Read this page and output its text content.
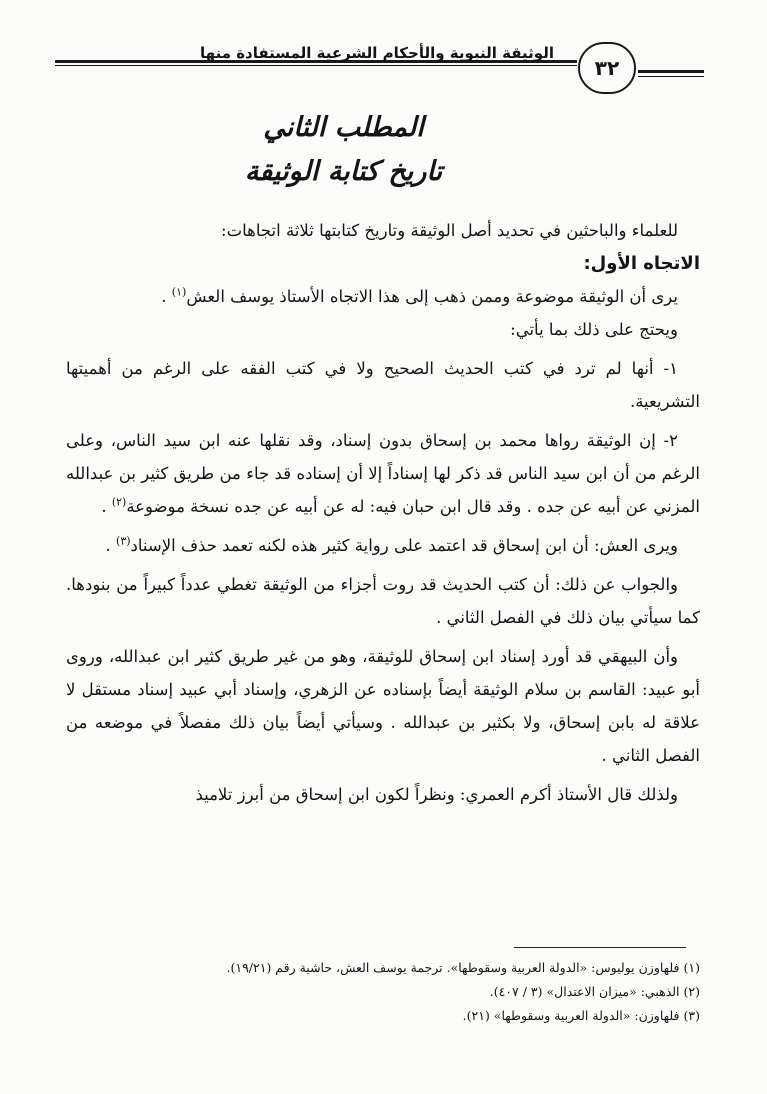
الوثيقة النبوية والأحكام الشرعية المستفادة منها
٣٢
المطلب الثاني
تاريخ كتابة الوثيقة

للعلماء والباحثين في تحديد أصل الوثيقة وتاريخ كتابتها ثلاثة اتجاهات:

الاتجاه الأول:

يرى أن الوثيقة موضوعة وممن ذهب إلى هذا الاتجاه الأستاذ يوسف العش$^{(١)}$ .

ويحتج على ذلك بما يأتي:

١- أنها لم ترد في كتب الحديث الصحيح ولا في كتب الفقه على الرغم من أهميتها التشريعية.

٢- إن الوثيقة رواها محمد بن إسحاق بدون إسناد، وقد نقلها عنه ابن سيد الناس، وعلى الرغم من أن ابن سيد الناس قد ذكر لها إسناداً إلا أن إسناده قد جاء من طريق كثير بن عبدالله المزني عن أبيه عن جده . وقد قال ابن حبان فيه: له عن أبيه عن جده نسخة موضوعة$^{(٢)}$ .

ويرى العش: أن ابن إسحاق قد اعتمد على رواية كثير هذه لكنه تعمد حذف الإسناد$^{(٣)}$ .

والجواب عن ذلك: أن كتب الحديث قد روت أجزاء من الوثيقة تغطي عدداً كبيراً من بنودها. كما سيأتي بيان ذلك في الفصل الثاني .

وأن البيهقي قد أورد إسناد ابن إسحاق للوثيقة، وهو من غير طريق كثير ابن عبدالله، وروى أبو عبيد: القاسم بن سلام الوثيقة أيضاً بإسناده عن الزهري، وإسناد أبي عبيد إسناد مستقل لا علاقة له بابن إسحاق، ولا بكثير بن عبدالله . وسيأتي أيضاً بيان ذلك مفصلاً في موضعه من الفصل الثاني .

ولذلك قال الأستاذ أكرم العمري: ونظراً لكون ابن إسحاق من أبرز تلاميذ

(١) فلهاوزن يوليوس: «الدولة العربية وسقوطها». ترجمة يوسف العش، حاشية رقم (١٩/٢١).

(٢) الذهبي: «ميزان الاعتدال» (٣ / ٤٠٧).

(٣) فلهاوزن: «الدولة العربية وسقوطها» (٢١).
